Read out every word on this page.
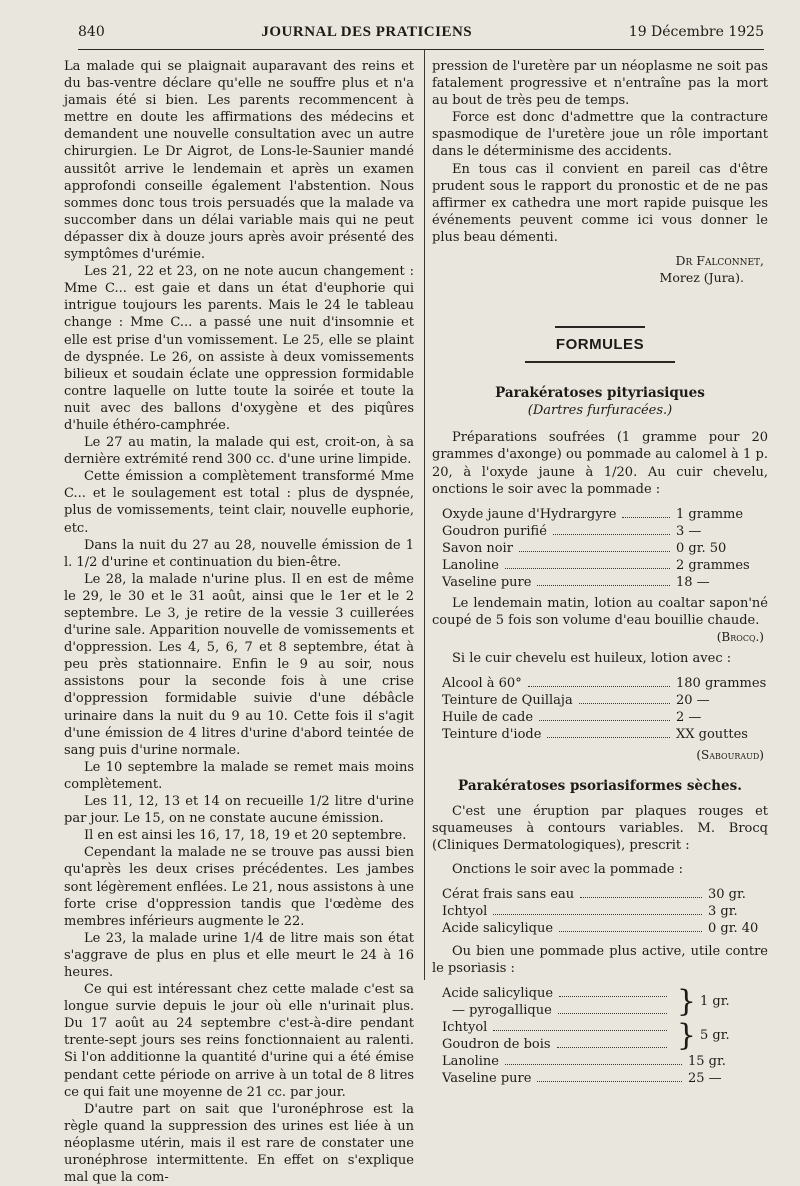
840	JOURNAL DES PRATICIENS	19 Décembre 1925

La malade qui se plaignait auparavant des reins et du bas-ventre déclare qu'elle ne souffre plus et n'a jamais été si bien. Les parents recommencent à mettre en doute les affirmations des médecins et demandent une nouvelle consultation avec un autre chirurgien. Le Dr Aigrot, de Lons-le-Saunier mandé aussitôt arrive le lendemain et après un examen approfondi conseille également l'abstention. Nous sommes donc tous trois persuadés que la malade va succomber dans un délai variable mais qui ne peut dépasser dix à douze jours après avoir présenté des symptômes d'urémie.

Les 21, 22 et 23, on ne note aucun changement : Mme C... est gaie et dans un état d'euphorie qui intrigue toujours les parents. Mais le 24 le tableau change : Mme C... a passé une nuit d'insomnie et elle est prise d'un vomissement. Le 25, elle se plaint de dyspnée. Le 26, on assiste à deux vomissements bilieux et soudain éclate une oppression formidable contre laquelle on lutte toute la soirée et toute la nuit avec des ballons d'oxygène et des piqûres d'huile éthéro-camphrée.

Le 27 au matin, la malade qui est, croit-on, à sa dernière extrémité rend 300 cc. d'une urine limpide.

Cette émission a complètement transformé Mme C... et le soulagement est total : plus de dyspnée, plus de vomissements, teint clair, nouvelle euphorie, etc.

Dans la nuit du 27 au 28, nouvelle émission de 1 l. 1/2 d'urine et continuation du bien-être.

Le 28, la malade n'urine plus. Il en est de même le 29, le 30 et le 31 août, ainsi que le 1er et le 2 septembre. Le 3, je retire de la vessie 3 cuillerées d'urine sale. Apparition nouvelle de vomissements et d'oppression. Les 4, 5, 6, 7 et 8 septembre, état à peu près stationnaire. Enfin le 9 au soir, nous assistons pour la seconde fois à une crise d'oppression formidable suivie d'une débâcle urinaire dans la nuit du 9 au 10. Cette fois il s'agit d'une émission de 4 litres d'urine d'abord teintée de sang puis d'urine normale.

Le 10 septembre la malade se remet mais moins complètement.

Les 11, 12, 13 et 14 on recueille 1/2 litre d'urine par jour. Le 15, on ne constate aucune émission.

Il en est ainsi les 16, 17, 18, 19 et 20 septembre.

Cependant la malade ne se trouve pas aussi bien qu'après les deux crises précédentes. Les jambes sont légèrement enflées. Le 21, nous assistons à une forte crise d'oppression tandis que l'œdème des membres inférieurs augmente le 22.

Le 23, la malade urine 1/4 de litre mais son état s'aggrave de plus en plus et elle meurt le 24 à 16 heures.

Ce qui est intéressant chez cette malade c'est sa longue survie depuis le jour où elle n'urinait plus. Du 17 août au 24 septembre c'est-à-dire pendant trente-sept jours ses reins fonctionnaient au ralenti. Si l'on additionne la quantité d'urine qui a été émise pendant cette période on arrive à un total de 8 litres ce qui fait une moyenne de 21 cc. par jour.

D'autre part on sait que l'uronéphrose est la règle quand la suppression des urines est liée à un néoplasme utérin, mais il est rare de constater une uronéphrose intermittente. En effet on s'explique mal que la com-

pression de l'uretère par un néoplasme ne soit pas fatalement progressive et n'entraîne pas la mort au bout de très peu de temps.

Force est donc d'admettre que la contracture spasmodique de l'uretère joue un rôle important dans le déterminisme des accidents.

En tous cas il convient en pareil cas d'être prudent sous le rapport du pronostic et de ne pas affirmer ex cathedra une mort rapide puisque les événements peuvent comme ici vous donner le plus beau démenti.

Dr Falconnet,
Morez (Jura).
FORMULES
Parakératoses pityriasiques
(Dartres furfuracées.)

Préparations soufrées (1 gramme pour 20 grammes d'axonge) ou pommade au calomel à 1 p. 20, à l'oxyde jaune à 1/20. Au cuir chevelu, onctions le soir avec la pommade :

Oxyde jaune d'Hydrargyre	1 gramme
Goudron purifié	3 —
Savon noir	0 gr. 50
Lanoline	2 grammes
Vaseline pure	18 —

Le lendemain matin, lotion au coaltar sapon'né coupé de 5 fois son volume d'eau bouillie chaude.

(Brocq.)

Si le cuir chevelu est huileux, lotion avec :

Alcool à 60°	180 grammes
Teinture de Quillaja	20 —
Huile de cade	2 —
Teinture d'iode	XX gouttes
(Sabouraud)
Parakératoses psoriasiformes sèches.

C'est une éruption par plaques rouges et squameuses à contours variables. M. Brocq (Cliniques Dermatologiques), prescrit :

Onctions le soir avec la pommade :

Cérat frais sans eau	30 gr.
Ichtyol	3 gr.
Acide salicylique	0 gr. 40

Ou bien une pommade plus active, utile contre le psoriasis :

Acide salicylique
— pyrogallique	} 1 gr.
Ichtyol
Goudron de bois	} 5 gr.
Lanoline	15 gr.
Vaseline pure	25 —
